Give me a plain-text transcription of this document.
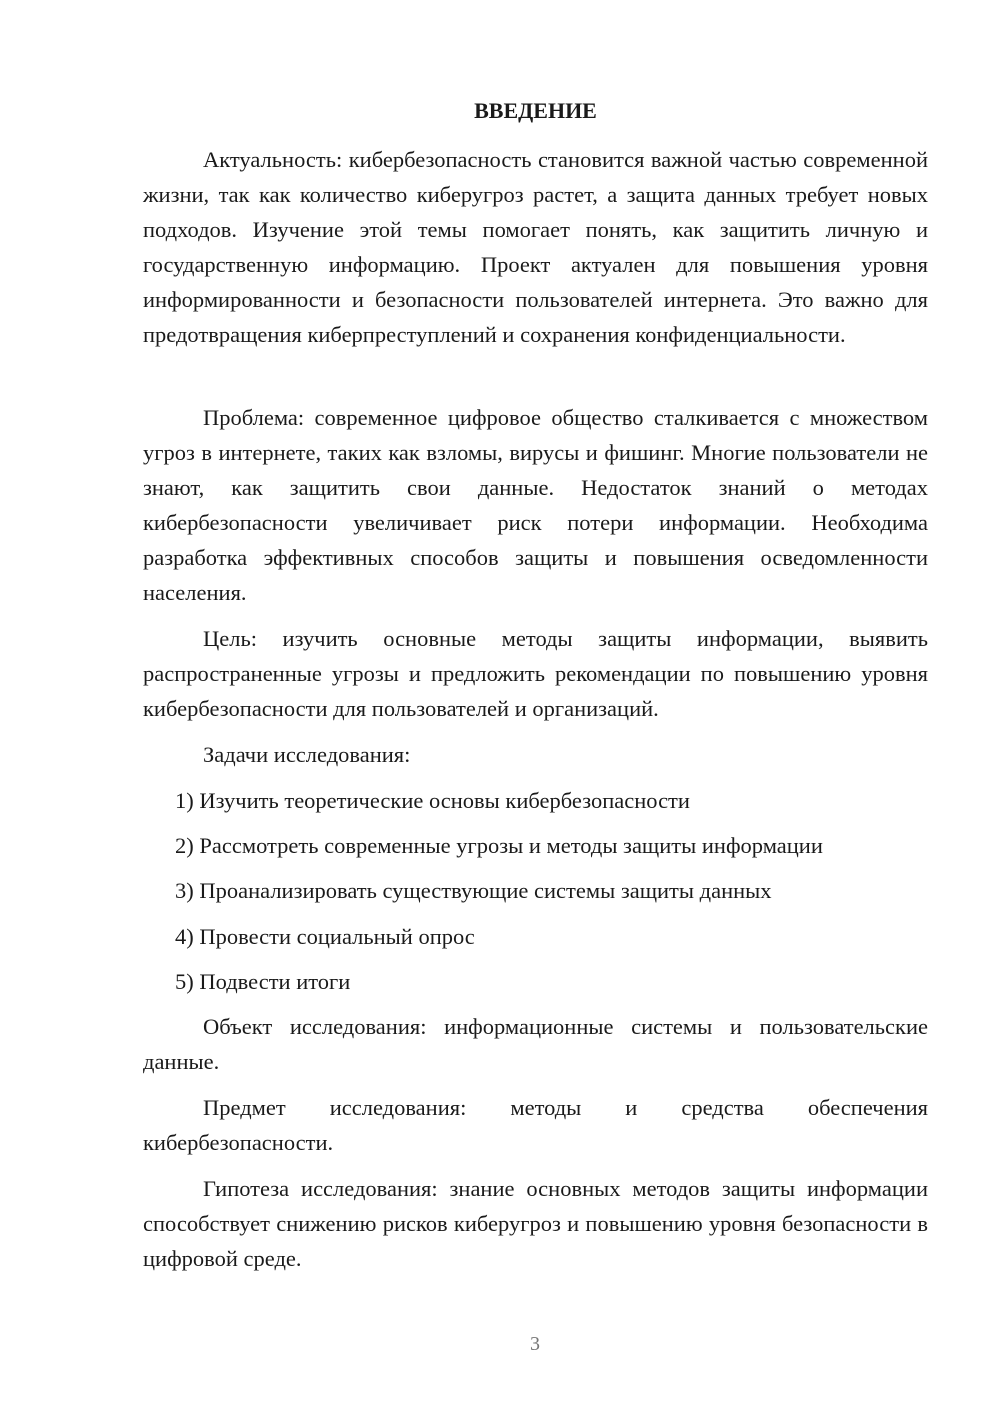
ВВЕДЕНИЕ

Актуальность: кибербезопасность становится важной частью современной жизни, так как количество киберугроз растет, а защита данных требует новых подходов. Изучение этой темы помогает понять, как защитить личную и государственную информацию. Проект актуален для повышения уровня информированности и безопасности пользователей интернета. Это важно для предотвращения киберпреступлений и сохранения конфиденциальности.

Проблема: современное цифровое общество сталкивается с множеством угроз в интернете, таких как взломы, вирусы и фишинг. Многие пользователи не знают, как защитить свои данные. Недостаток знаний о методах кибербезопасности увеличивает риск потери информации. Необходима разработка эффективных способов защиты и повышения осведомленности населения.

Цель: изучить основные методы защиты информации, выявить распространенные угрозы и предложить рекомендации по повышению уровня кибербезопасности для пользователей и организаций.

Задачи исследования:

1) Изучить теоретические основы кибербезопасности
2) Рассмотреть современные угрозы и методы защиты информации
3) Проанализировать существующие системы защиты данных
4) Провести социальный опрос
5) Подвести итоги

Объект исследования: информационные системы и пользовательские данные.

Предмет исследования: методы и средства обеспечения кибербезопасности.

Гипотеза исследования: знание основных методов защиты информации способствует снижению рисков киберугроз и повышению уровня безопасности в цифровой среде.

3
